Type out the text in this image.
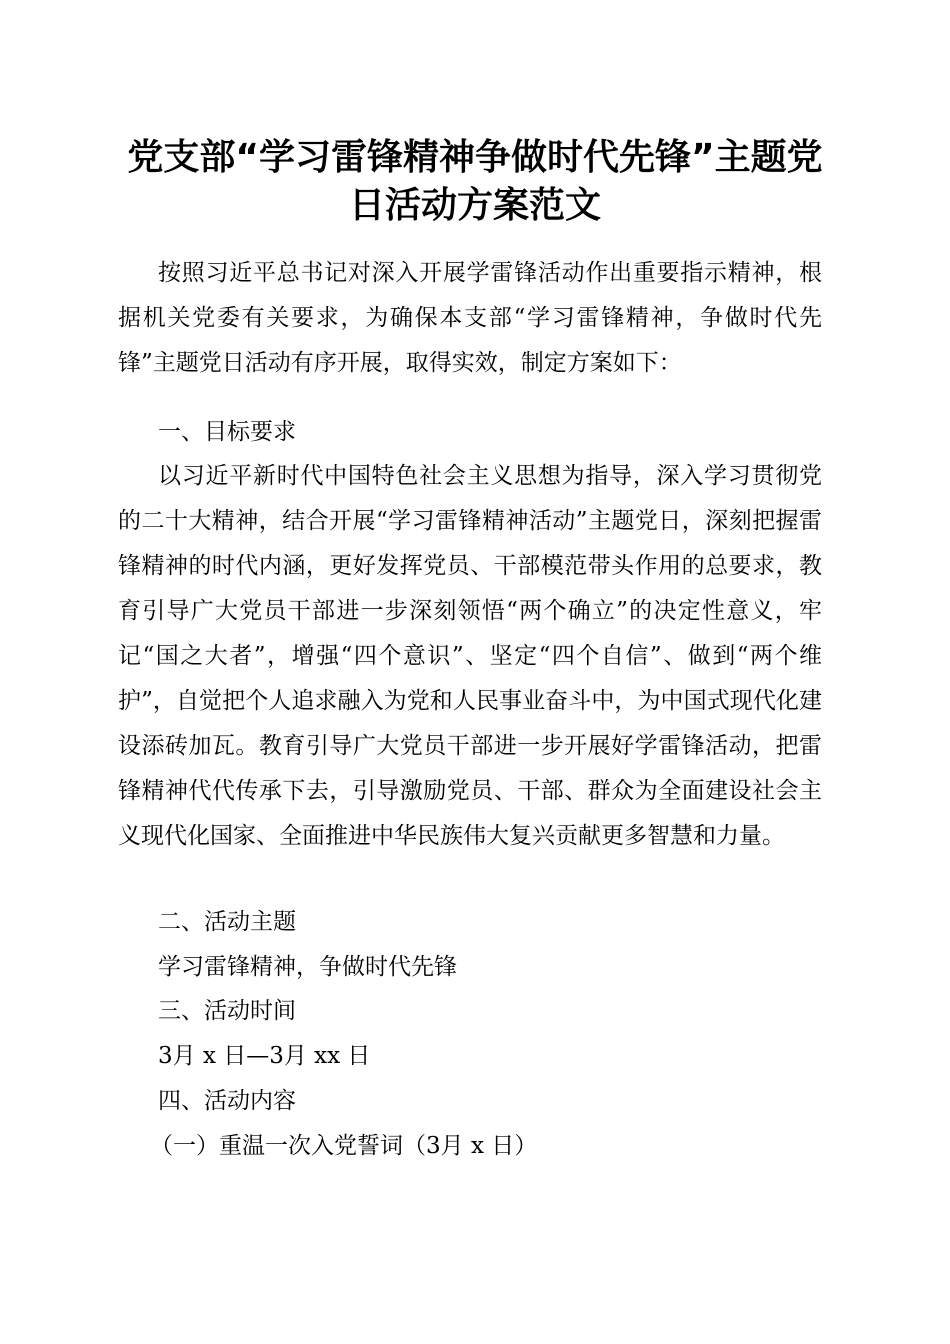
党支部“学习雷锋精神争做时代先锋”主题党
日活动方案范文

按照习近平总书记对深入开展学雷锋活动作出重要指示精神，根据机关党委有关要求，为确保本支部“学习雷锋精神，争做时代先锋”主题党日活动有序开展，取得实效，制定方案如下：

一、目标要求

以习近平新时代中国特色社会主义思想为指导，深入学习贯彻党的二十大精神，结合开展“学习雷锋精神活动”主题党日，深刻把握雷锋精神的时代内涵，更好发挥党员、干部模范带头作用的总要求，教育引导广大党员干部进一步深刻领悟“两个确立”的决定性意义，牢记“国之大者”，增强“四个意识”、坚定“四个自信”、做到“两个维护”，自觉把个人追求融入为党和人民事业奋斗中，为中国式现代化建设添砖加瓦。教育引导广大党员干部进一步开展好学雷锋活动，把雷锋精神代代传承下去，引导激励党员、干部、群众为全面建设社会主义现代化国家、全面推进中华民族伟大复兴贡献更多智慧和力量。

二、活动主题
学习雷锋精神，争做时代先锋
三、活动时间
3月 x 日—3月 xx 日
四、活动内容
（一）重温一次入党誓词（3月 x 日）
